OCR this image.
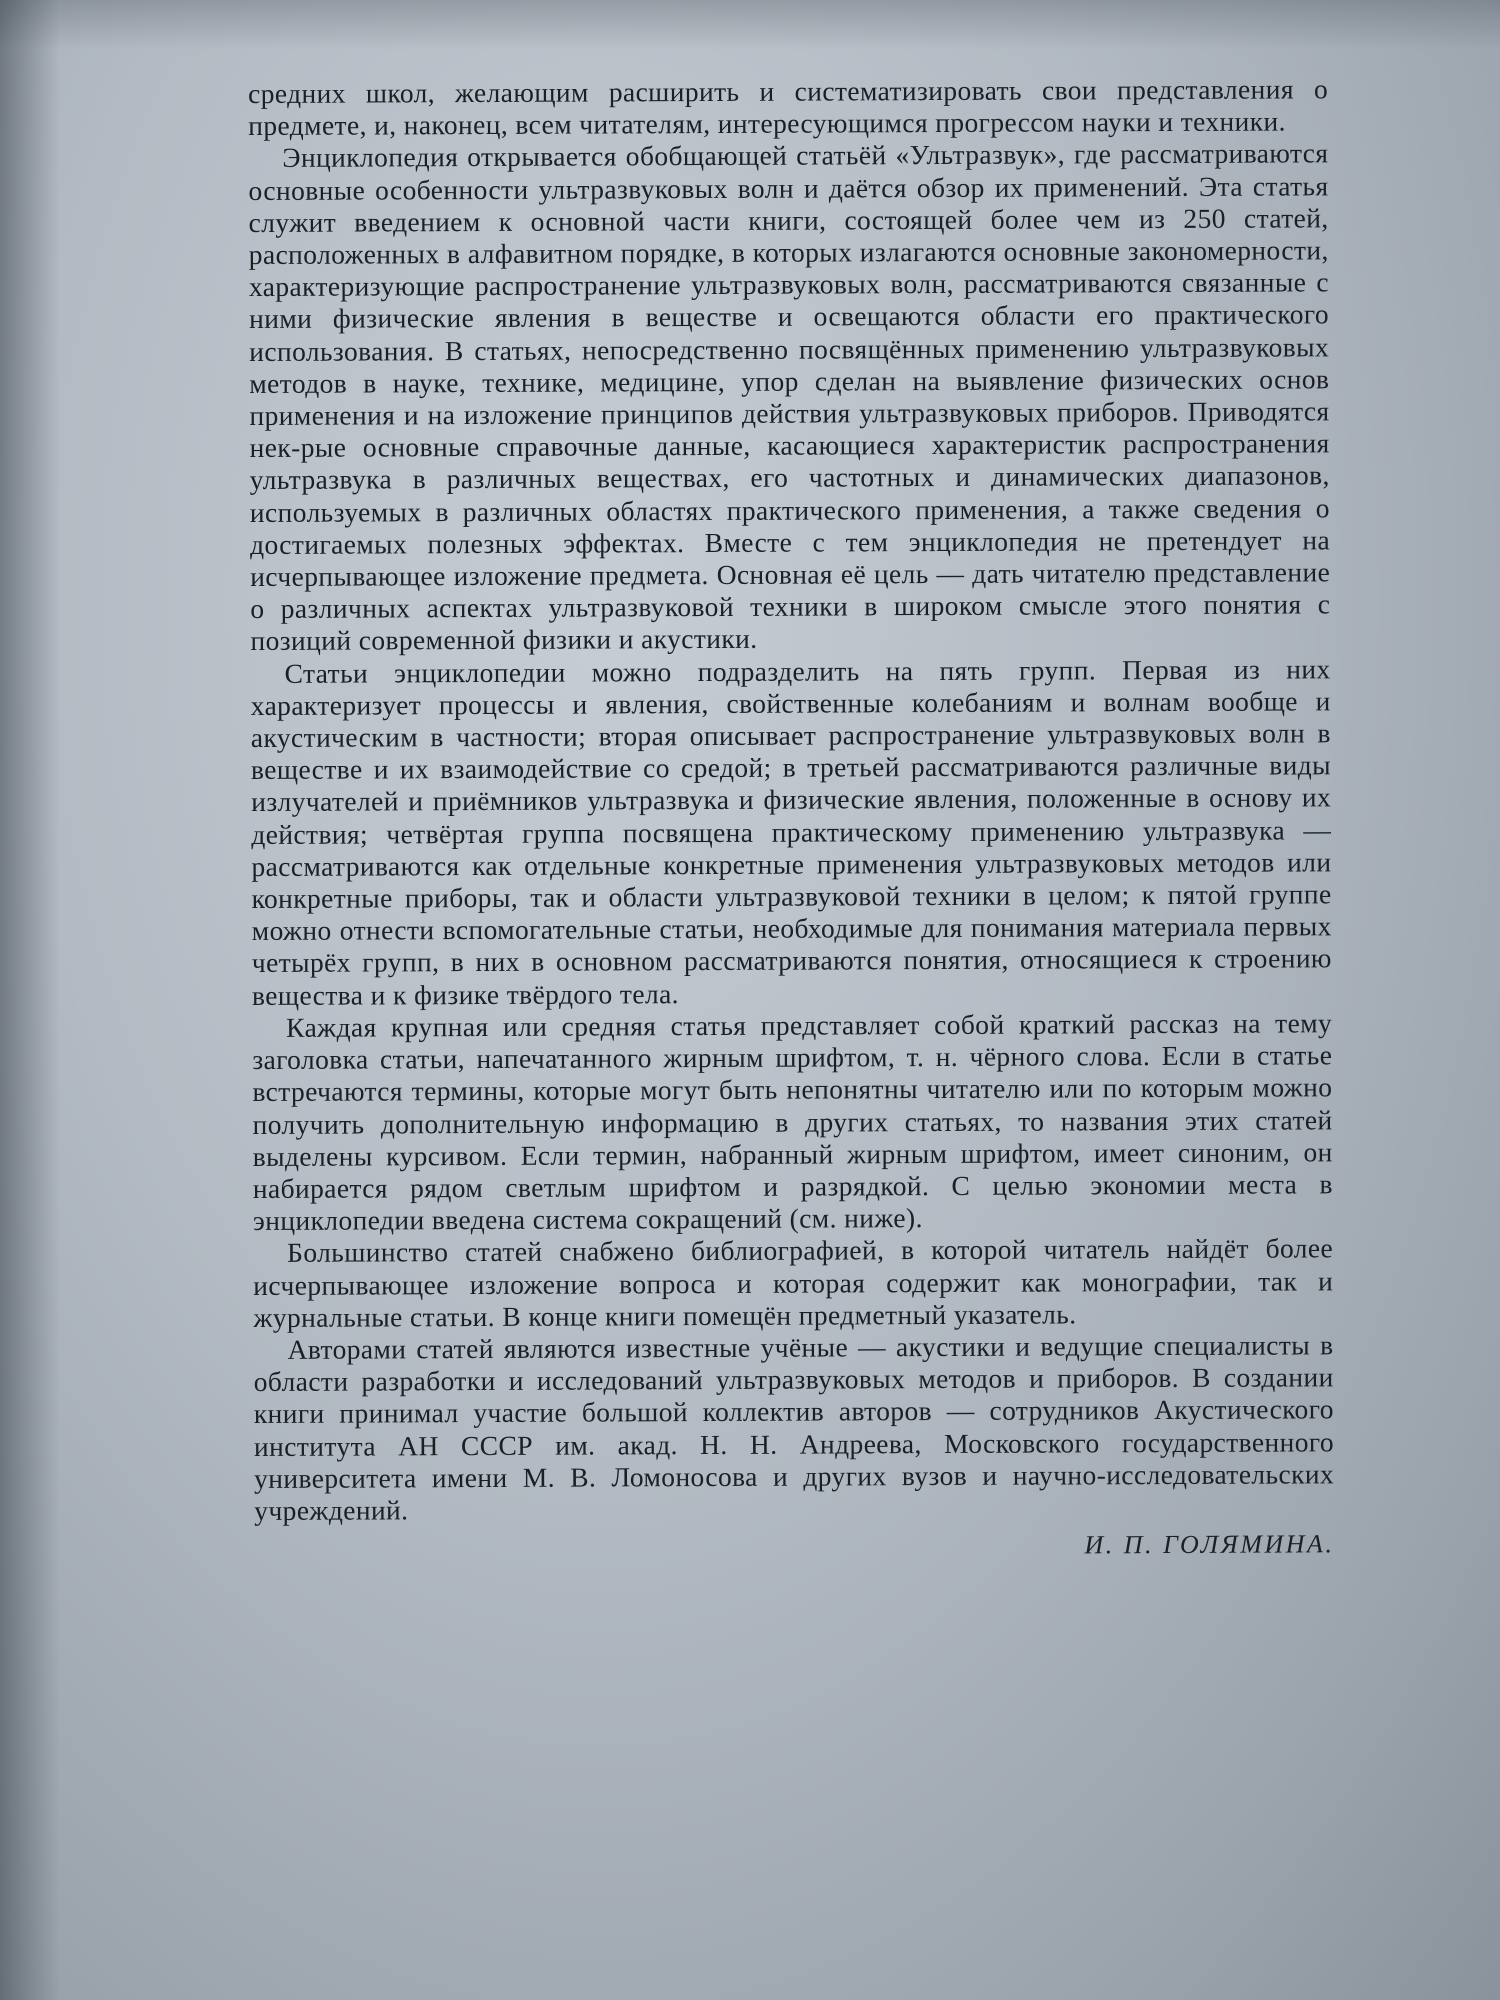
средних школ, желающим расширить и систематизировать свои представления о предмете, и, наконец, всем читателям, интересующимся прогрессом науки и техники.

Энциклопедия открывается обобщающей статьёй «Ультразвук», где рассматриваются основные особенности ультразвуковых волн и даётся обзор их применений. Эта статья служит введением к основной части книги, состоящей более чем из 250 статей, расположенных в алфавитном порядке, в которых излагаются основные закономерности, характеризующие распространение ультразвуковых волн, рассматриваются связанные с ними физические явления в веществе и освещаются области его практического использования. В статьях, непосредственно посвящённых применению ультразвуковых методов в науке, технике, медицине, упор сделан на выявление физических основ применения и на изложение принципов действия ультразвуковых приборов. Приводятся нек-рые основные справочные данные, касающиеся характеристик распространения ультразвука в различных веществах, его частотных и динамических диапазонов, используемых в различных областях практического применения, а также сведения о достигаемых полезных эффектах. Вместе с тем энциклопедия не претендует на исчерпывающее изложение предмета. Основная её цель — дать читателю представление о различных аспектах ультразвуковой техники в широком смысле этого понятия с позиций современной физики и акустики.

Статьи энциклопедии можно подразделить на пять групп. Первая из них характеризует процессы и явления, свойственные колебаниям и волнам вообще и акустическим в частности; вторая описывает распространение ультразвуковых волн в веществе и их взаимодействие со средой; в третьей рассматриваются различные виды излучателей и приёмников ультразвука и физические явления, положенные в основу их действия; четвёртая группа посвящена практическому применению ультразвука — рассматриваются как отдельные конкретные применения ультразвуковых методов или конкретные приборы, так и области ультразвуковой техники в целом; к пятой группе можно отнести вспомогательные статьи, необходимые для понимания материала первых четырёх групп, в них в основном рассматриваются понятия, относящиеся к строению вещества и к физике твёрдого тела.

Каждая крупная или средняя статья представляет собой краткий рассказ на тему заголовка статьи, напечатанного жирным шрифтом, т. н. чёрного слова. Если в статье встречаются термины, которые могут быть непонятны читателю или по которым можно получить дополнительную информацию в других статьях, то названия этих статей выделены курсивом. Если термин, набранный жирным шрифтом, имеет синоним, он набирается рядом светлым шрифтом и разрядкой. С целью экономии места в энциклопедии введена система сокращений (см. ниже).

Большинство статей снабжено библиографией, в которой читатель найдёт более исчерпывающее изложение вопроса и которая содержит как монографии, так и журнальные статьи. В конце книги помещён предметный указатель.

Авторами статей являются известные учёные — акустики и ведущие специалисты в области разработки и исследований ультразвуковых методов и приборов. В создании книги принимал участие большой коллектив авторов — сотрудников Акустического института АН СССР им. акад. Н. Н. Андреева, Московского государственного университета имени М. В. Ломоносова и других вузов и научно-исследовательских учреждений.

И. П. ГОЛЯМИНА.
